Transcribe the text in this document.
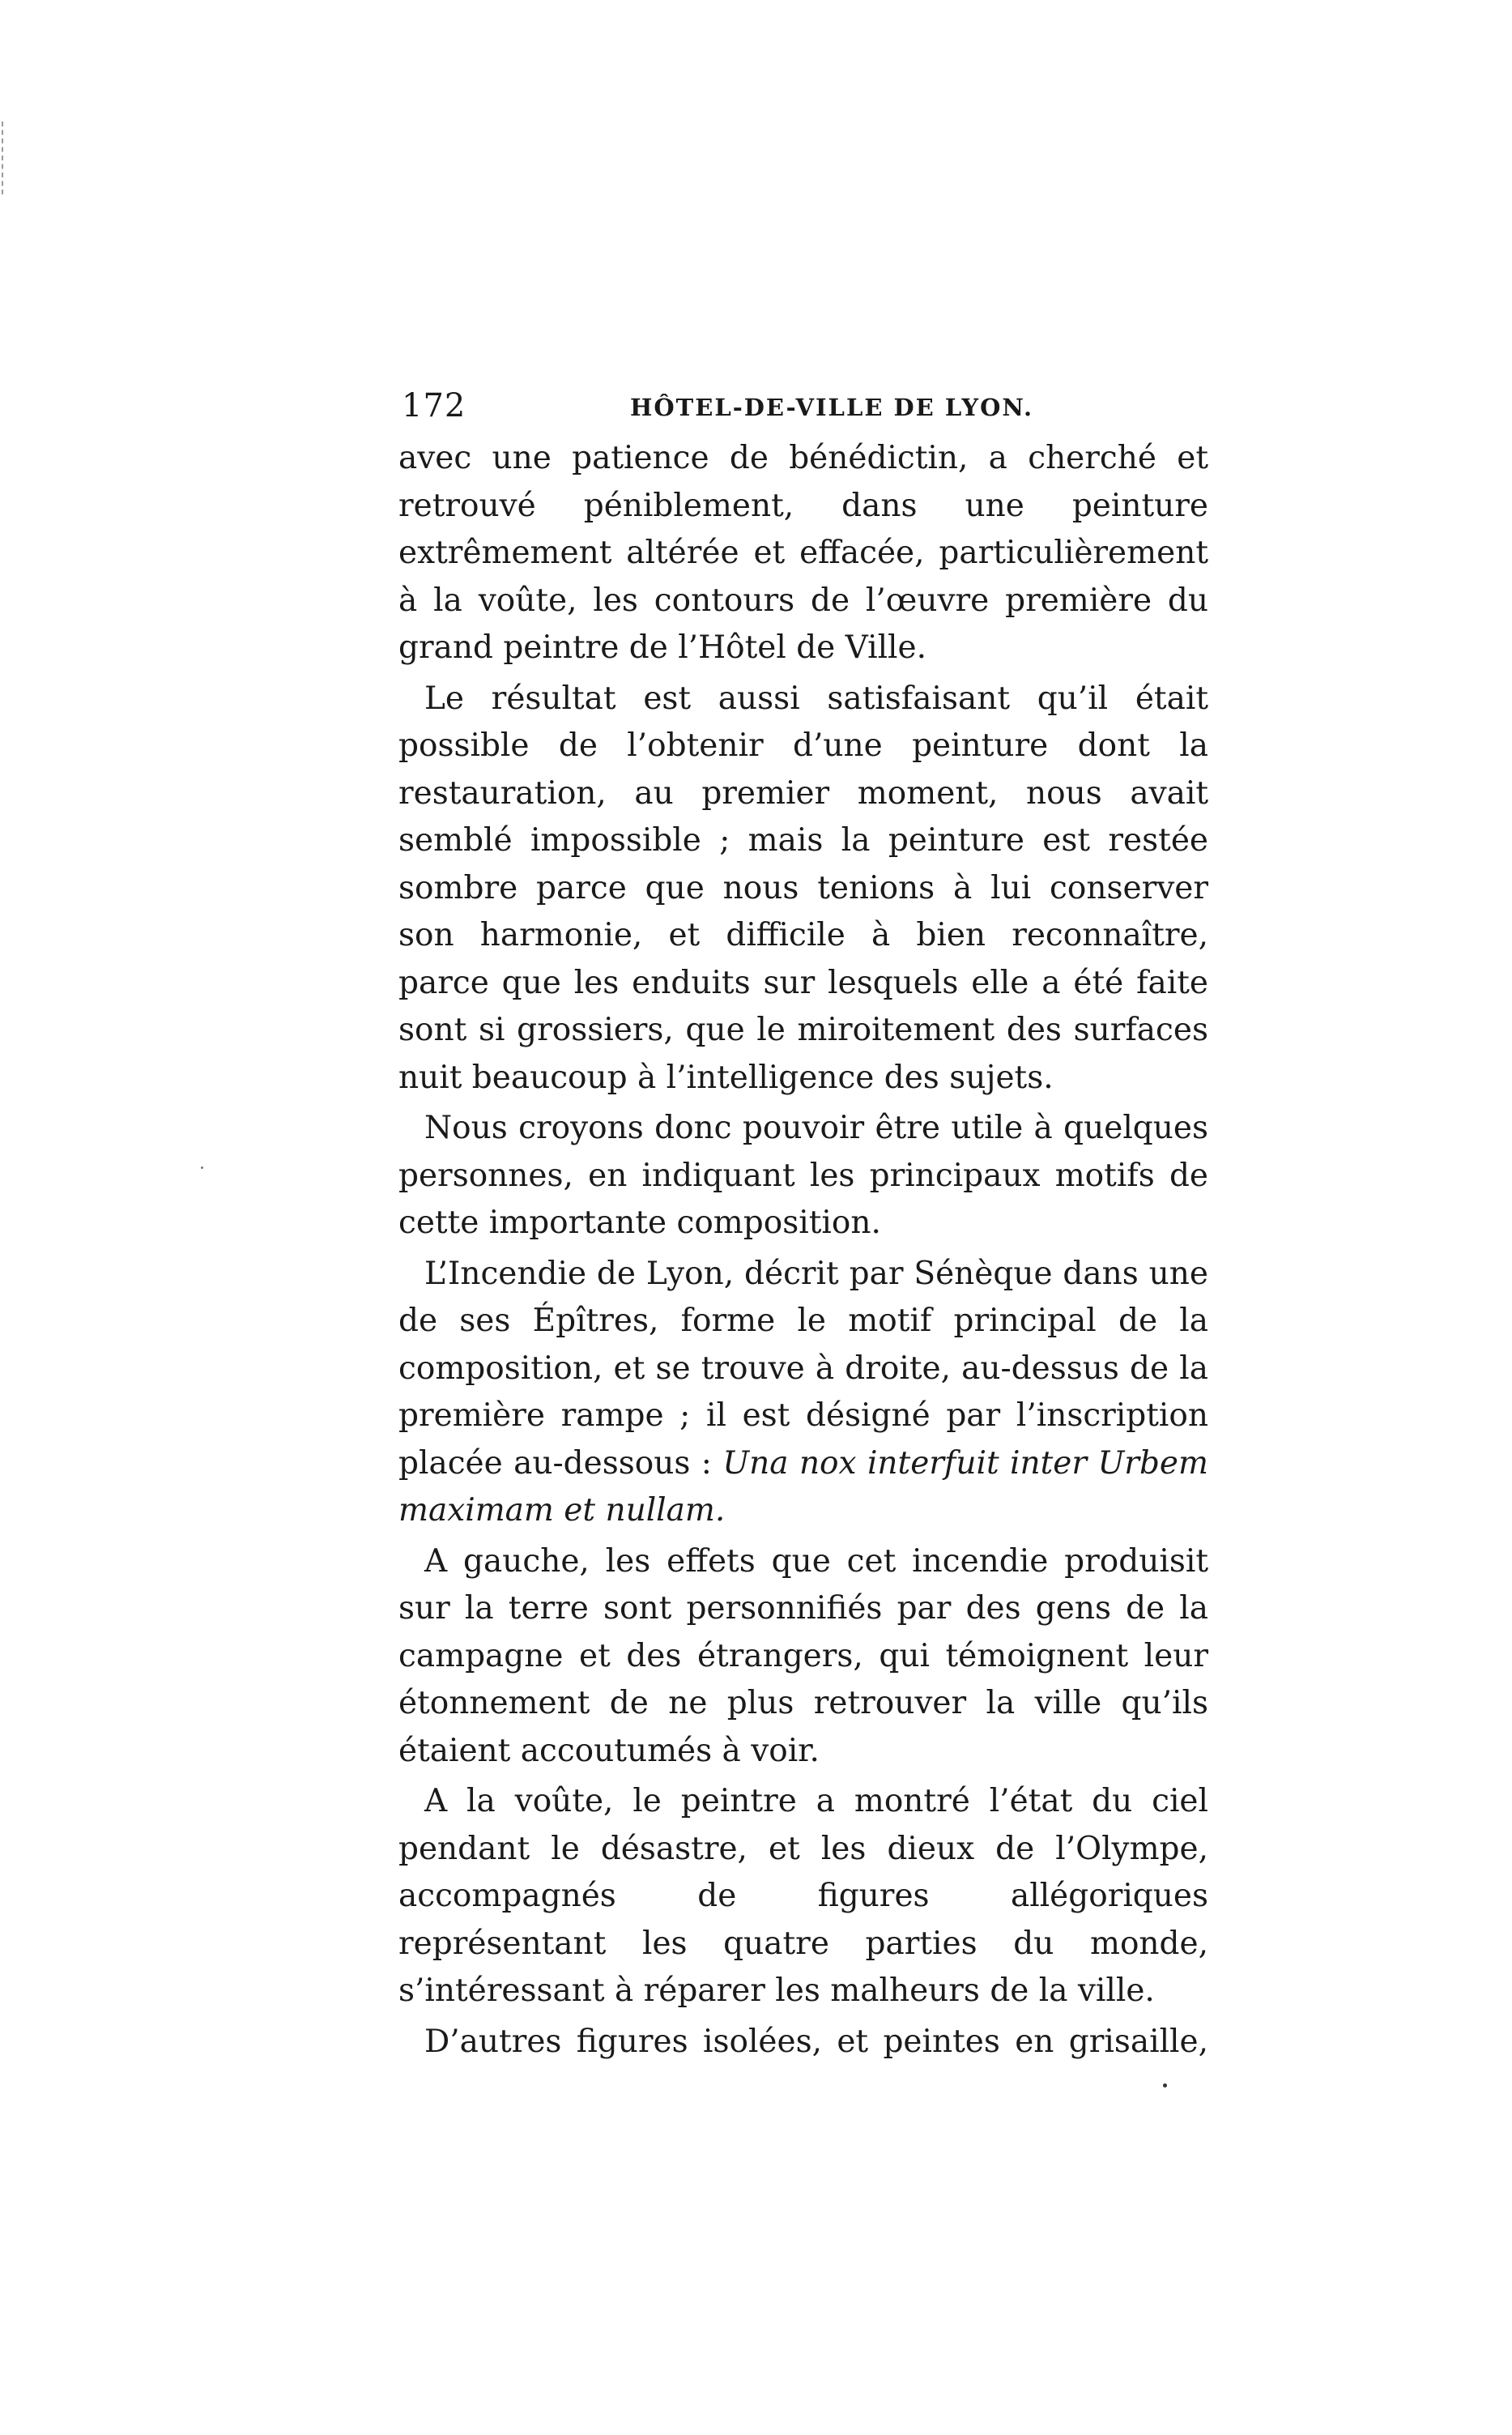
172	HÔTEL-DE-VILLE DE LYON.

avec une patience de bénédictin, a cherché et retrouvé péniblement, dans une peinture extrêmement altérée et effacée, particulièrement à la voûte, les contours de l’œuvre première du grand peintre de l’Hôtel de Ville.

Le résultat est aussi satisfaisant qu’il était possible de l’obtenir d’une peinture dont la restauration, au premier moment, nous avait semblé impossible ; mais la peinture est restée sombre parce que nous tenions à lui conserver son harmonie, et difficile à bien reconnaître, parce que les enduits sur lesquels elle a été faite sont si grossiers, que le miroitement des surfaces nuit beaucoup à l’intelligence des sujets.

Nous croyons donc pouvoir être utile à quelques personnes, en indiquant les principaux motifs de cette importante composition.

L’Incendie de Lyon, décrit par Sénèque dans une de ses Épîtres, forme le motif principal de la composition, et se trouve à droite, au-dessus de la première rampe ; il est désigné par l’inscription placée au-dessous : Una nox interfuit inter Urbem maximam et nullam.

A gauche, les effets que cet incendie produisit sur la terre sont personnifiés par des gens de la campagne et des étrangers, qui témoignent leur étonnement de ne plus retrouver la ville qu’ils étaient accoutumés à voir.

A la voûte, le peintre a montré l’état du ciel pendant le désastre, et les dieux de l’Olympe, accompagnés de figures allégoriques représentant les quatre parties du monde, s’intéressant à réparer les malheurs de la ville.

D’autres figures isolées, et peintes en grisaille,
